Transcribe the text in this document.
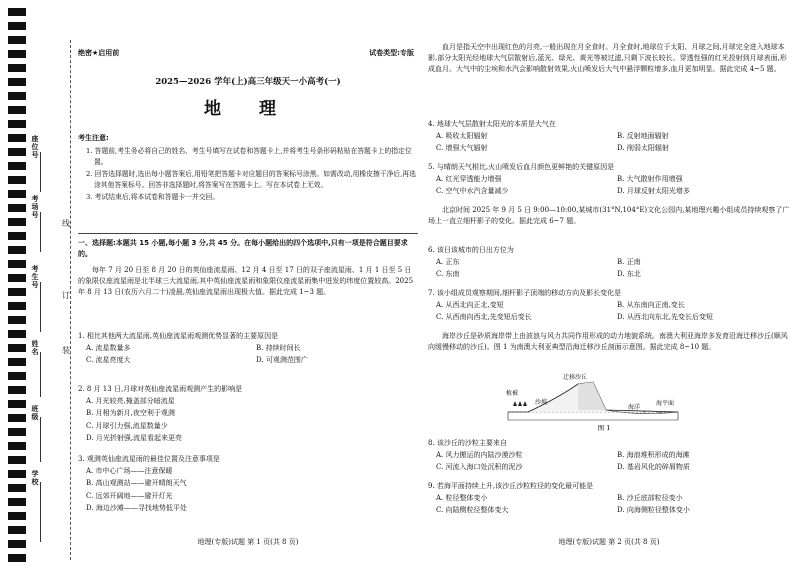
座位号
考场号
考生号
姓名
班级
学校
线
订
装
绝密★启用前	试卷类型:专版
2025—2026 学年(上)高三年级天一小高考(一)
地 理
考生注意:

1. 答题前,考生务必将自己的姓名、考生号填写在试卷和答题卡上,并将考生号条形码粘贴在答题卡上的指定位置。

2. 回答选择题时,选出每小题答案后,用铅笔把答题卡对应题目的答案标号涂黑。如需改动,用橡皮擦干净后,再选涂其他答案标号。回答非选择题时,将答案写在答题卡上。写在本试卷上无效。

3. 考试结束后,将本试卷和答题卡一并交回。

一、选择题:本题共 15 小题,每小题 3 分,共 45 分。在每小题给出的四个选项中,只有一项是符合题目要求的。

每年 7 月 20 日至 8 月 20 日的英仙座流星雨、12 月 4 日至 17 日的双子座流星雨、1 月 1 日至 5 日的象限仪座流星雨是北半球三大流星雨,其中英仙座流星雨和象限仪座流星雨集中迸发的纬度位置较高。2025 年 8 月 13 日(农历六月二十)凌晨,英仙座流星雨出现极大值。据此完成 1~3 题。

1. 相比其他两大流星雨,英仙座流星雨观测优势显著的主要原因是

A. 流星数量多	B. 持续时间长
C. 流星亮度大	D. 可观测范围广

2. 8 月 13 日,月球对英仙座流星雨观测产生的影响是

A. 月光较亮,掩盖部分暗流星
B. 月相为新月,夜空利于观测
C. 月球引力强,流星数量少
D. 月光折射强,流星看起来更亮

3. 观测英仙座流星雨的最佳位置及注意事项是

A. 市中心广场——注意保暖
B. 高山观测站——避开晴朗天气
C. 远郊开阔地——避开灯光
D. 海边沙滩——寻找地势低平处
地理(专版)试题 第 1 页(共 8 页)

血月是指天空中出现红色的月亮,一般出现在月全食时。月全食时,地球位于太阳、月球之间,月球完全进入地球本影,部分太阳光经地球大气层散射后,蓝光、绿光、黄光等被过滤,只剩下波长较长、穿透性强的红光投射到月球表面,形成血月。大气中的尘埃和水汽会影响散射效果,火山喷发后大气中悬浮颗粒增多,血月更加明显。据此完成 4~5 题。

4. 地球大气层散射太阳光的本质是大气在

A. 吸收太阳辐射	B. 反射地面辐射
C. 增强大气辐射	D. 削弱太阳辐射

5. 与晴朗天气相比,火山喷发后血月颜色更鲜艳的关键原因是

A. 红光穿透能力增强	B. 大气散射作用增强
C. 空气中水汽含量减少	D. 月球反射太阳光增多

北京时间 2025 年 9 月 5 日 9:00—10:00,某城市(31°N,104°E)文化公园内,某地理兴趣小组成员持续观察了广场上一直立细杆影子的变化。据此完成 6~7 题。

6. 该日该城市的日出方位为

A. 正东	B. 正南
C. 东南	D. 东北

7. 该小组成员观察期间,细杆影子顶端的移动方向及影长变化是

A. 从西北向正北,变短	B. 从东南向正南,变长
C. 从西南向西北,先变短后变长	D. 从西北向东北,先变长后变短

海岸沙丘是砂质海岸带上由波浪与风力共同作用形成的动力地貌系统。南澳大利亚海岸多发育沿海迁移沙丘(顺风向缓慢移动的沙丘)。图 1 为南澳大利亚典型沿海迁移沙丘剖面示意图。据此完成 8~10 题。

植被
迁移沙丘
沙坡
海洋
海平面
图 1

8. 该沙丘的沙粒主要来自

A. 风力搬运的内陆沙漠沙粒	B. 海浪堆积形成的海滩
C. 河流入海口处沉积的泥沙	D. 基岩风化的碎屑物质

9. 若海平面持续上升,该沙丘沙粒粒径的变化最可能是

A. 粒径整体变小	B. 沙丘底部粒径变小
C. 向陆侧粒径整体变大	D. 向海侧粒径整体变小
地理(专版)试题 第 2 页(共 8 页)
